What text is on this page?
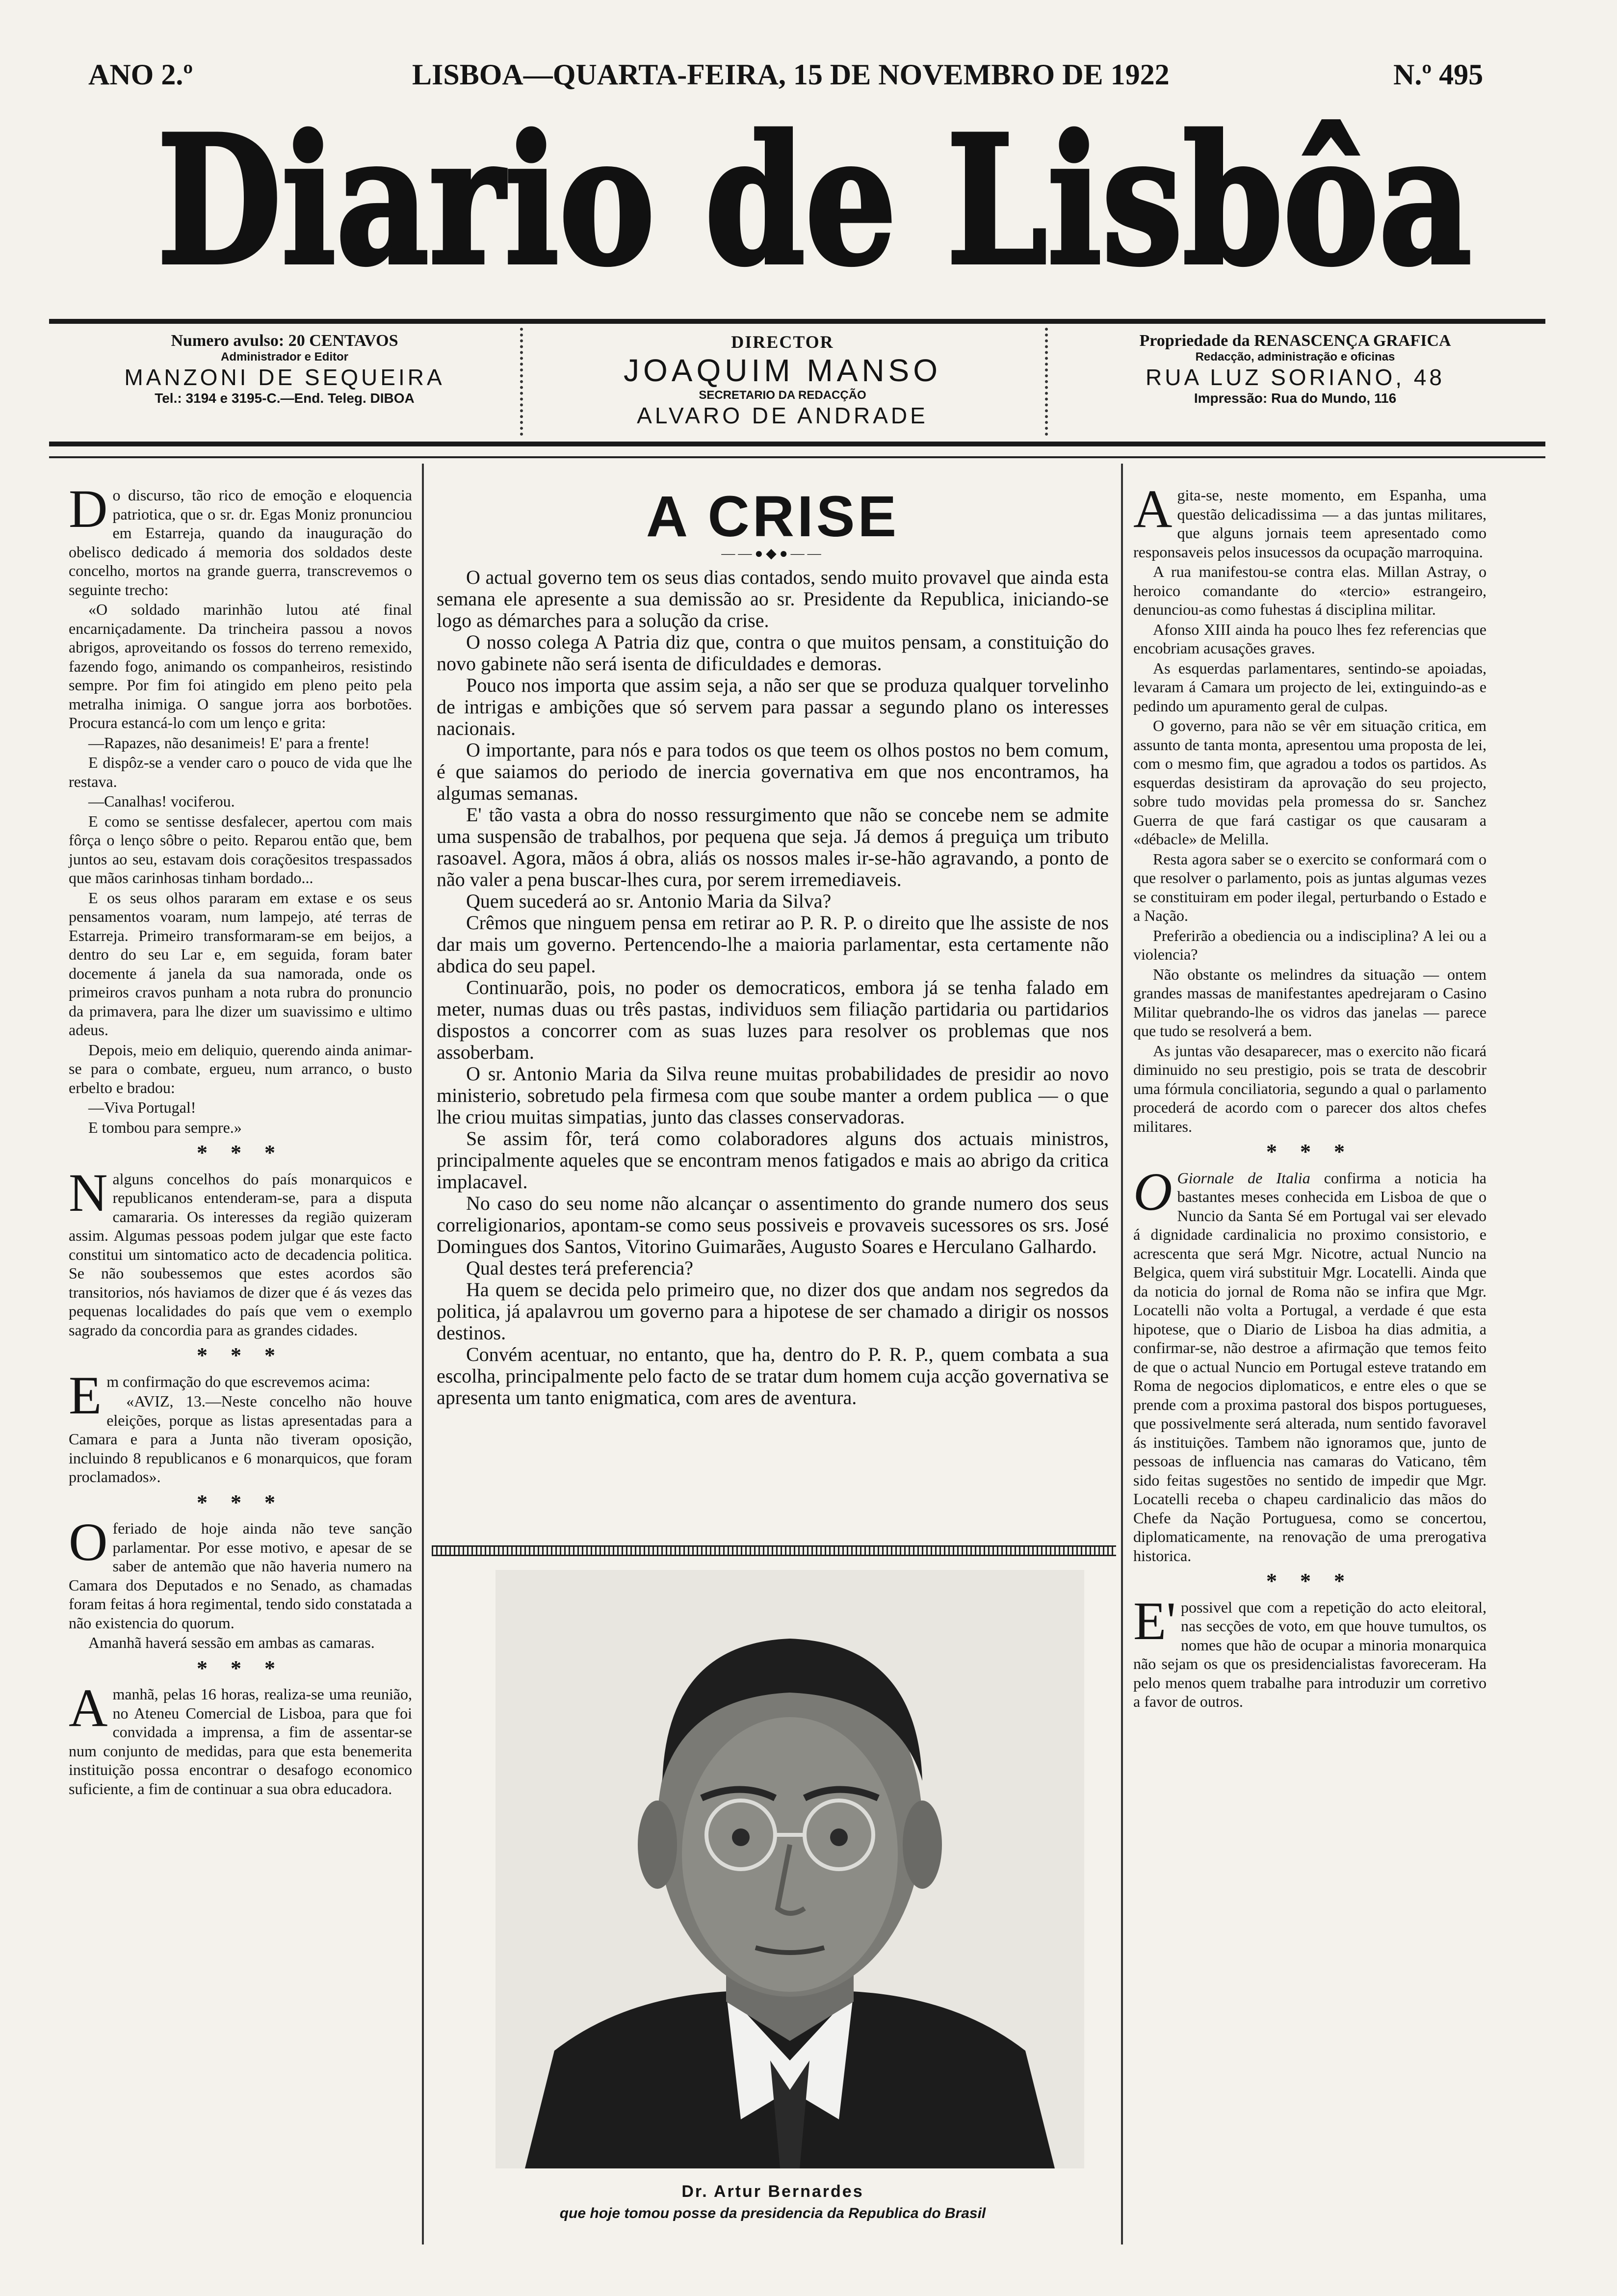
ANO 2.º	LISBOA—QUARTA-FEIRA, 15 DE NOVEMBRO DE 1922	N.º 495
Diario de Lisbôa
Numero avulso: 20 CENTAVOS
Administrador e Editor
MANZONI DE SEQUEIRA
Tel.: 3194 e 3195-C.—End. Teleg. DIBOA
DIRECTOR
JOAQUIM MANSO
SECRETARIO DA REDACÇÃO
ALVARO DE ANDRADE
Propriedade da RENASCENÇA GRAFICA
Redacção, administração e oficinas
RUA LUZ SORIANO, 48
Impressão: Rua do Mundo, 116

Do discurso, tão rico de emoção e eloquencia patriotica, que o sr. dr. Egas Moniz pronunciou em Estarreja, quando da inauguração do obelisco dedicado á memoria dos soldados deste concelho, mortos na grande guerra, transcrevemos o seguinte trecho:

«O soldado marinhão lutou até final encarniçadamente. Da trincheira passou a novos abrigos, aproveitando os fossos do terreno remexido, fazendo fogo, animando os companheiros, resistindo sempre. Por fim foi atingido em pleno peito pela metralha inimiga. O sangue jorra aos borbotões. Procura estancá-lo com um lenço e grita:

—Rapazes, não desanimeis! E' para a frente!

E dispôz-se a vender caro o pouco de vida que lhe restava.

—Canalhas! vociferou.

E como se sentisse desfalecer, apertou com mais fôrça o lenço sôbre o peito. Reparou então que, bem juntos ao seu, estavam dois coraçõesitos trespassados que mãos carinhosas tinham bordado...

E os seus olhos pararam em extase e os seus pensamentos voaram, num lampejo, até terras de Estarreja. Primeiro transformaram-se em beijos, a dentro do seu Lar e, em seguida, foram bater docemente á janela da sua namorada, onde os primeiros cravos punham a nota rubra do pronuncio da primavera, para lhe dizer um suavissimo e ultimo adeus.

Depois, meio em deliquio, querendo ainda animar-se para o combate, ergueu, num arranco, o busto erbelto e bradou:

—Viva Portugal!

E tombou para sempre.»

* * *

Nalguns concelhos do país monarquicos e republicanos entenderam-se, para a disputa camararia. Os interesses da região quizeram assim. Algumas pessoas podem julgar que este facto constitui um sintomatico acto de decadencia politica. Se não soubessemos que estes acordos são transitorios, nós haviamos de dizer que é ás vezes das pequenas localidades do país que vem o exemplo sagrado da concordia para as grandes cidades.

* * *

Em confirmação do que escrevemos acima:

«AVIZ, 13.—Neste concelho não houve eleições, porque as listas apresentadas para a Camara e para a Junta não tiveram oposição, incluindo 8 republicanos e 6 monarquicos, que foram proclamados».

* * *

Oferiado de hoje ainda não teve sanção parlamentar. Por esse motivo, e apesar de se saber de antemão que não haveria numero na Camara dos Deputados e no Senado, as chamadas foram feitas á hora regimental, tendo sido constatada a não existencia do quorum.

Amanhã haverá sessão em ambas as camaras.

* * *

Amanhã, pelas 16 horas, realiza-se uma reunião, no Ateneu Comercial de Lisboa, para que foi convidada a imprensa, a fim de assentar-se num conjunto de medidas, para que esta benemerita instituição possa encontrar o desafogo economico suficiente, a fim de continuar a sua obra educadora.

A CRISE
——●◆●——

O actual governo tem os seus dias contados, sendo muito provavel que ainda esta semana ele apresente a sua demissão ao sr. Presidente da Republica, iniciando-se logo as démarches para a solução da crise.

O nosso colega A Patria diz que, contra o que muitos pensam, a constituição do novo gabinete não será isenta de dificuldades e demoras.

Pouco nos importa que assim seja, a não ser que se produza qualquer torvelinho de intrigas e ambições que só servem para passar a segundo plano os interesses nacionais.

O importante, para nós e para todos os que teem os olhos postos no bem comum, é que saiamos do periodo de inercia governativa em que nos encontramos, ha algumas semanas.

E' tão vasta a obra do nosso ressurgimento que não se concebe nem se admite uma suspensão de trabalhos, por pequena que seja. Já demos á preguiça um tributo rasoavel. Agora, mãos á obra, aliás os nossos males ir-se-hão agravando, a ponto de não valer a pena buscar-lhes cura, por serem irremediaveis.

Quem sucederá ao sr. Antonio Maria da Silva?

Crêmos que ninguem pensa em retirar ao P. R. P. o direito que lhe assiste de nos dar mais um governo. Pertencendo-lhe a maioria parlamentar, esta certamente não abdica do seu papel.

Continuarão, pois, no poder os democraticos, embora já se tenha falado em meter, numas duas ou três pastas, individuos sem filiação partidaria ou partidarios dispostos a concorrer com as suas luzes para resolver os problemas que nos assoberbam.

O sr. Antonio Maria da Silva reune muitas probabilidades de presidir ao novo ministerio, sobretudo pela firmesa com que soube manter a ordem publica — o que lhe criou muitas simpatias, junto das classes conservadoras.

Se assim fôr, terá como colaboradores alguns dos actuais ministros, principalmente aqueles que se encontram menos fatigados e mais ao abrigo da critica implacavel.

No caso do seu nome não alcançar o assentimento do grande numero dos seus correligionarios, apontam-se como seus possiveis e provaveis sucessores os srs. José Domingues dos Santos, Vitorino Guimarães, Augusto Soares e Herculano Galhardo.

Qual destes terá preferencia?

Ha quem se decida pelo primeiro que, no dizer dos que andam nos segredos da politica, já apalavrou um governo para a hipotese de ser chamado a dirigir os nossos destinos.

Convém acentuar, no entanto, que ha, dentro do P. R. P., quem combata a sua escolha, principalmente pelo facto de se tratar dum homem cuja acção governativa se apresenta um tanto enigmatica, com ares de aventura.

Dr. Artur Bernardes
que hoje tomou posse da presidencia da Republica do Brasil

Agita-se, neste momento, em Espanha, uma questão delicadissima — a das juntas militares, que alguns jornais teem apresentado como responsaveis pelos insucessos da ocupação marroquina.

A rua manifestou-se contra elas. Millan Astray, o heroico comandante do «tercio» estrangeiro, denunciou-as como fuhestas á disciplina militar.

Afonso XIII ainda ha pouco lhes fez referencias que encobriam acusações graves.

As esquerdas parlamentares, sentindo-se apoiadas, levaram á Camara um projecto de lei, extinguindo-as e pedindo um apuramento geral de culpas.

O governo, para não se vêr em situação critica, em assunto de tanta monta, apresentou uma proposta de lei, com o mesmo fim, que agradou a todos os partidos. As esquerdas desistiram da aprovação do seu projecto, sobre tudo movidas pela promessa do sr. Sanchez Guerra de que fará castigar os que causaram a «débacle» de Melilla.

Resta agora saber se o exercito se conformará com o que resolver o parlamento, pois as juntas algumas vezes se constituiram em poder ilegal, perturbando o Estado e a Nação.

Preferirão a obediencia ou a indisciplina? A lei ou a violencia?

Não obstante os melindres da situação — ontem grandes massas de manifestantes apedrejaram o Casino Militar quebrando-lhe os vidros das janelas — parece que tudo se resolverá a bem.

As juntas vão desaparecer, mas o exercito não ficará diminuido no seu prestigio, pois se trata de descobrir uma fórmula conciliatoria, segundo a qual o parlamento procederá de acordo com o parecer dos altos chefes militares.

* * *

OGiornale de Italia confirma a noticia ha bastantes meses conhecida em Lisboa de que o Nuncio da Santa Sé em Portugal vai ser elevado á dignidade cardinalicia no proximo consistorio, e acrescenta que será Mgr. Nicotre, actual Nuncio na Belgica, quem virá substituir Mgr. Locatelli. Ainda que da noticia do jornal de Roma não se infira que Mgr. Locatelli não volta a Portugal, a verdade é que esta hipotese, que o Diario de Lisboa ha dias admitia, a confirmar-se, não destroe a afirmação que temos feito de que o actual Nuncio em Portugal esteve tratando em Roma de negocios diplomaticos, e entre eles o que se prende com a proxima pastoral dos bispos portugueses, que possivelmente será alterada, num sentido favoravel ás instituições. Tambem não ignoramos que, junto de pessoas de influencia nas camaras do Vaticano, têm sido feitas sugestões no sentido de impedir que Mgr. Locatelli receba o chapeu cardinalicio das mãos do Chefe da Nação Portuguesa, como se concertou, diplomaticamente, na renovação de uma prerogativa historica.

* * *

E'possivel que com a repetição do acto eleitoral, nas secções de voto, em que houve tumultos, os nomes que hão de ocupar a minoria monarquica não sejam os que os presidencialistas favoreceram. Ha pelo menos quem trabalhe para introduzir um corretivo a favor de outros.
